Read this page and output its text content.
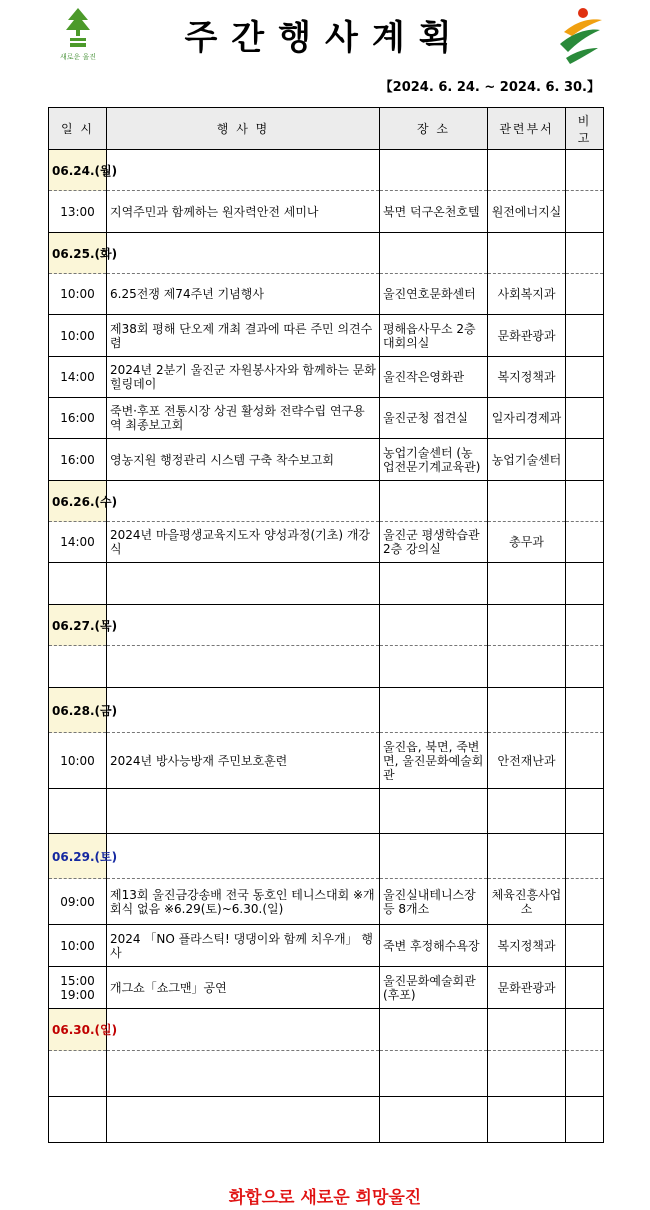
새로운 울진	주간행사계획
【2024. 6. 24. ~ 2024. 6. 30.】
일 시	행 사 명	장 소	관련부서	비 고
06.24.(월)				
13:00	지역주민과 함께하는 원자력안전 세미나	북면 덕구온천호텔	원전에너지실	
06.25.(화)				
10:00	6.25전쟁 제74주년 기념행사	울진연호문화센터	사회복지과	
10:00	제38회 평해 단오제 개최 결과에 따른 주민 의견수렴	평해읍사무소 2층 대회의실	문화관광과	
14:00	2024년 2분기 울진군 자원봉사자와 함께하는 문화힐링데이	울진작은영화관	복지정책과	
16:00	죽변·후포 전통시장 상권 활성화 전략수립 연구용역 최종보고회	울진군청 접견실	일자리경제과	
16:00	영농지원 행정관리 시스템 구축 착수보고회	농업기술센터 (농업전문기계교육관)	농업기술센터	
06.26.(수)				
14:00	2024년 마을평생교육지도자 양성과정(기초) 개강식	울진군 평생학습관 2층 강의실	총무과	

06.27.(목)				

06.28.(금)				
10:00	2024년 방사능방재 주민보호훈련	울진읍, 북면, 죽변면, 울진문화예술회관	안전재난과	

06.29.(토)				
09:00	제13회 울진금강송배 전국 동호인 테니스대회 ※개회식 없음 ※6.29(토)~6.30.(일)	울진실내테니스장 등 8개소	체육진흥사업소	
10:00	2024 「NO 플라스틱! 댕댕이와 함께 치우개」 행사	죽변 후정해수욕장	복지정책과	
15:00 19:00	개그쇼「쇼그맨」공연	울진문화예술회관 (후포)	문화관광과	
06.30.(일)				

화합으로 새로운 희망울진
